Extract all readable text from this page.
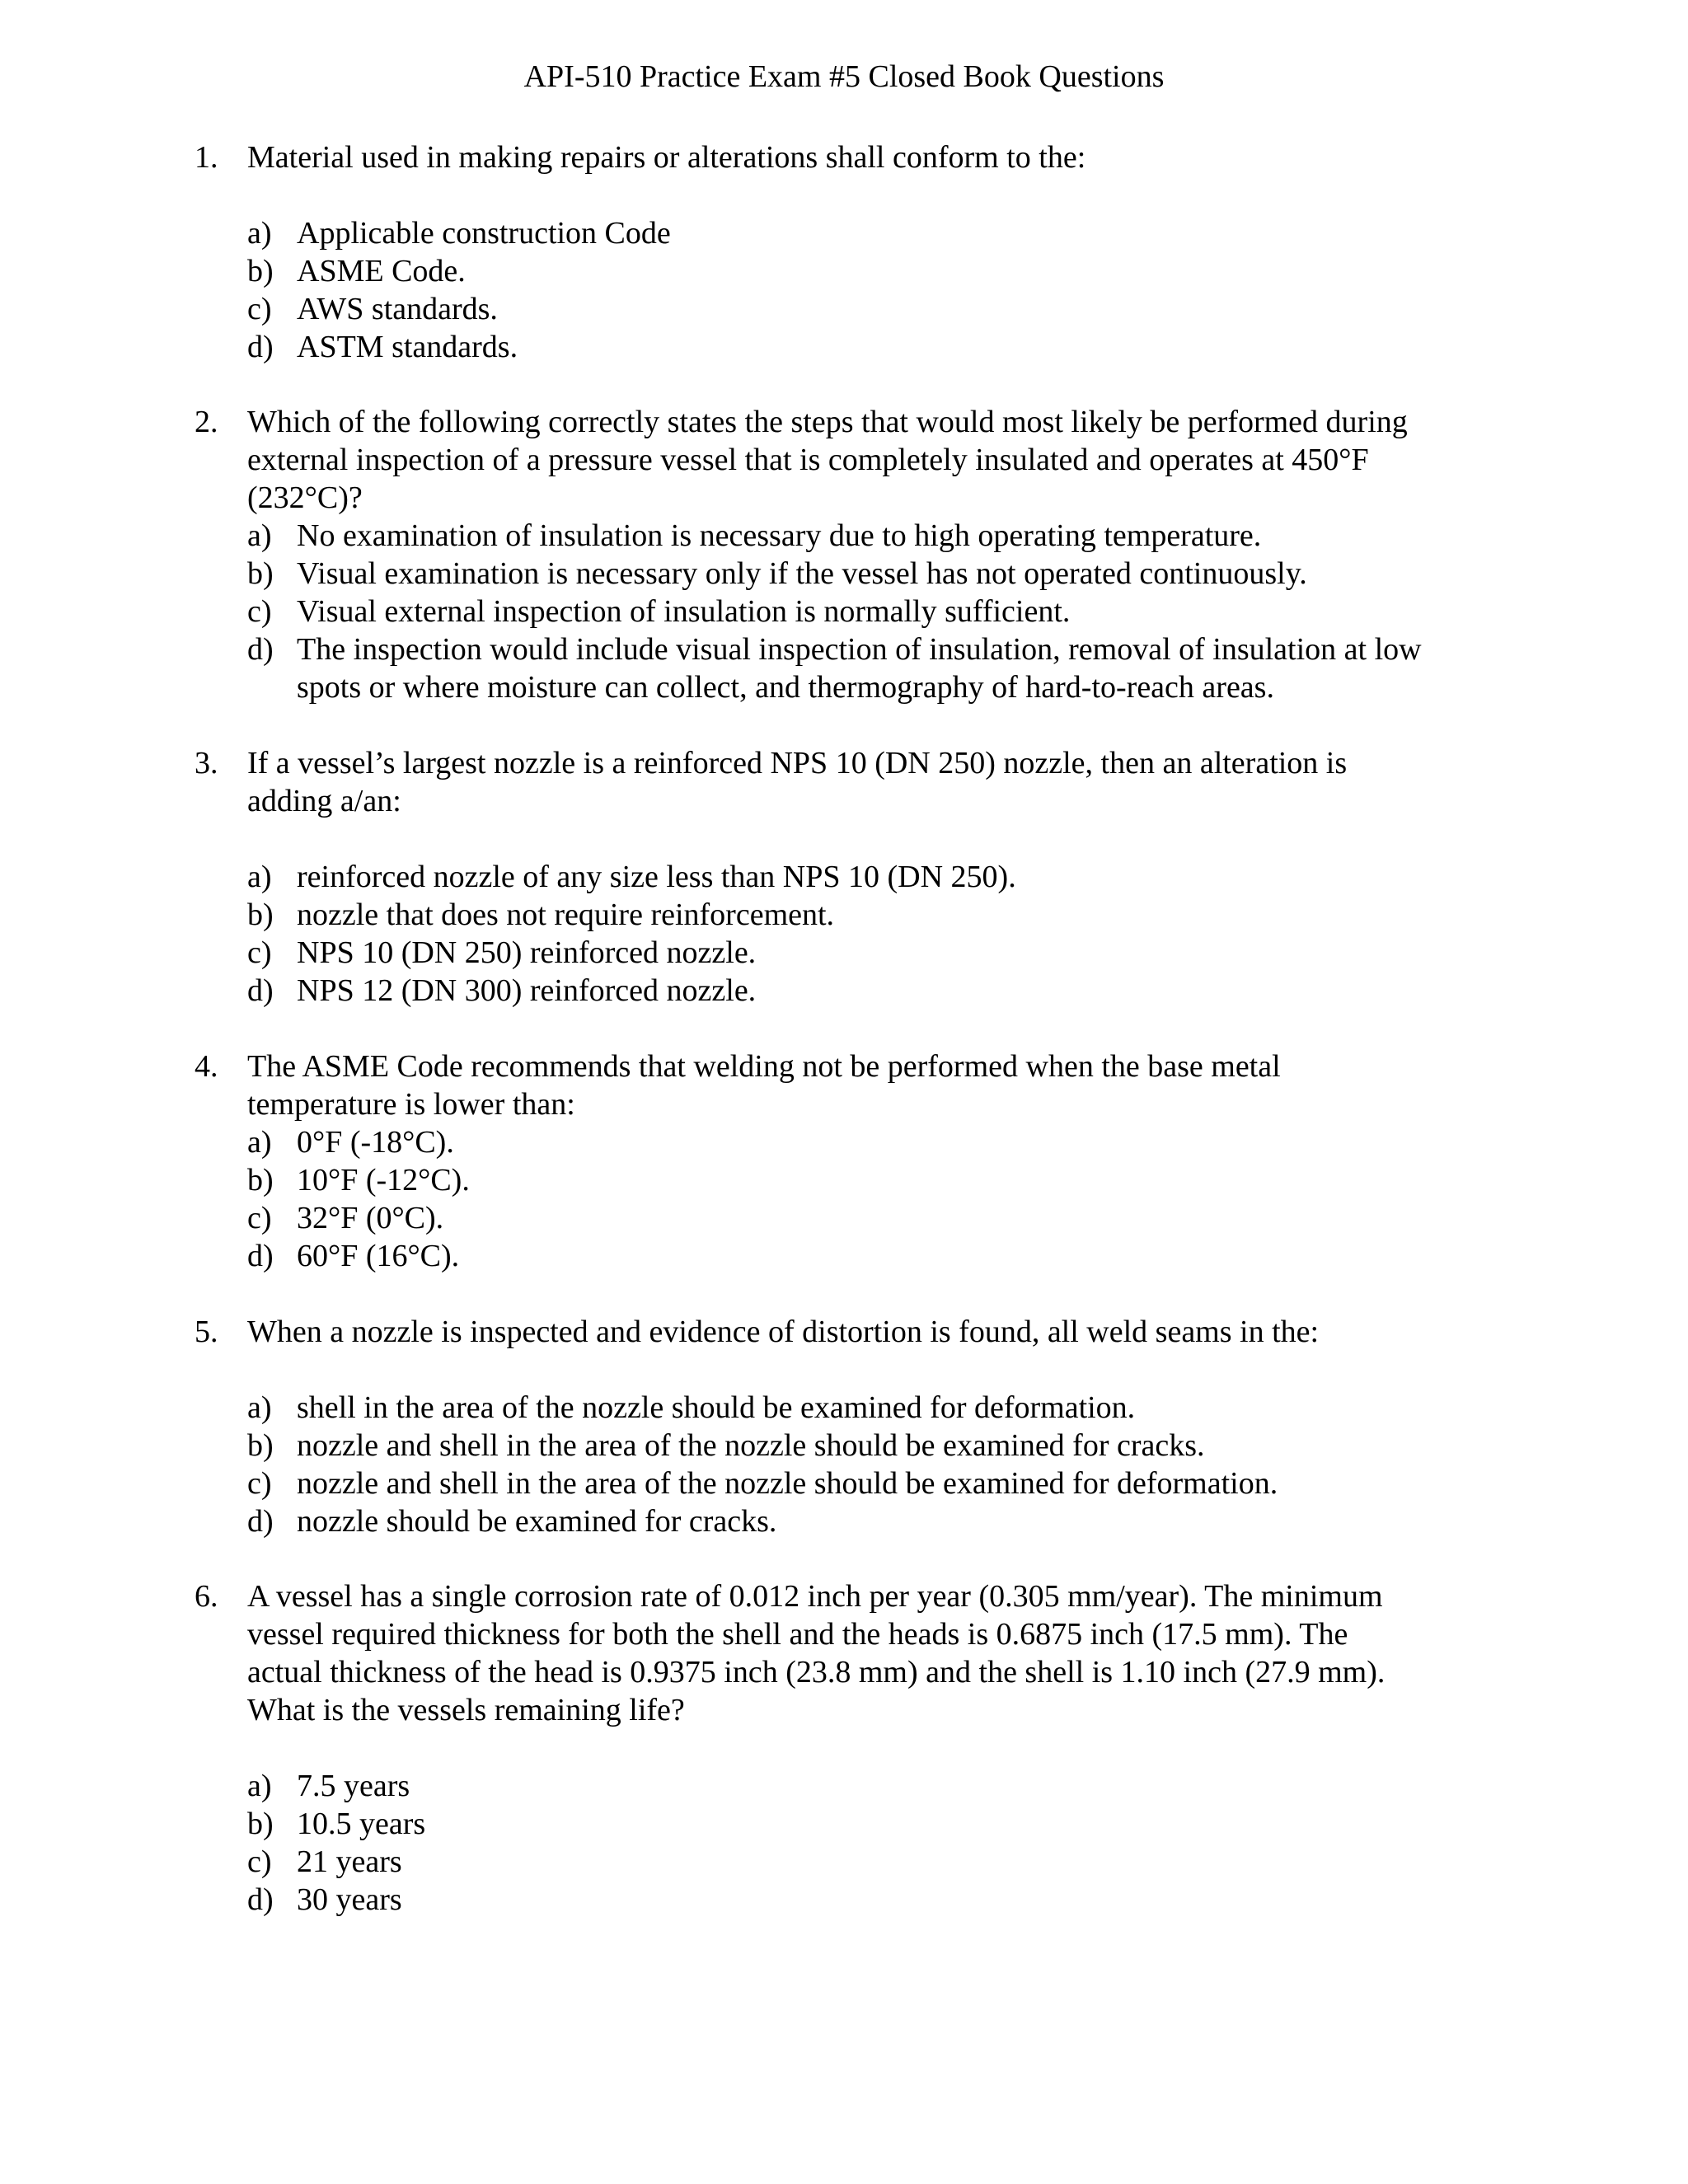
API-510 Practice Exam #5 Closed Book Questions
1. Material used in making repairs or alterations shall conform to the:
a) Applicable construction Code
b) ASME Code.
c) AWS standards.
d) ASTM standards.
2. Which of the following correctly states the steps that would most likely be performed during
external inspection of a pressure vessel that is completely insulated and operates at 450°F
(232°C)?
a) No examination of insulation is necessary due to high operating temperature.
b) Visual examination is necessary only if the vessel has not operated continuously.
c) Visual external inspection of insulation is normally sufficient.
d) The inspection would include visual inspection of insulation, removal of insulation at low
spots or where moisture can collect, and thermography of hard-to-reach areas.
3. If a vessel’s largest nozzle is a reinforced NPS 10 (DN 250) nozzle, then an alteration is
adding a/an:
a) reinforced nozzle of any size less than NPS 10 (DN 250).
b) nozzle that does not require reinforcement.
c) NPS 10 (DN 250) reinforced nozzle.
d) NPS 12 (DN 300) reinforced nozzle.
4. The ASME Code recommends that welding not be performed when the base metal
temperature is lower than:
a) 0°F (-18°C).
b) 10°F (-12°C).
c) 32°F (0°C).
d) 60°F (16°C).
5. When a nozzle is inspected and evidence of distortion is found, all weld seams in the:
a) shell in the area of the nozzle should be examined for deformation.
b) nozzle and shell in the area of the nozzle should be examined for cracks.
c) nozzle and shell in the area of the nozzle should be examined for deformation.
d) nozzle should be examined for cracks.
6. A vessel has a single corrosion rate of 0.012 inch per year (0.305 mm/year). The minimum
vessel required thickness for both the shell and the heads is 0.6875 inch (17.5 mm). The
actual thickness of the head is 0.9375 inch (23.8 mm) and the shell is 1.10 inch (27.9 mm).
What is the vessels remaining life?
a) 7.5 years
b) 10.5 years
c) 21 years
d) 30 years
